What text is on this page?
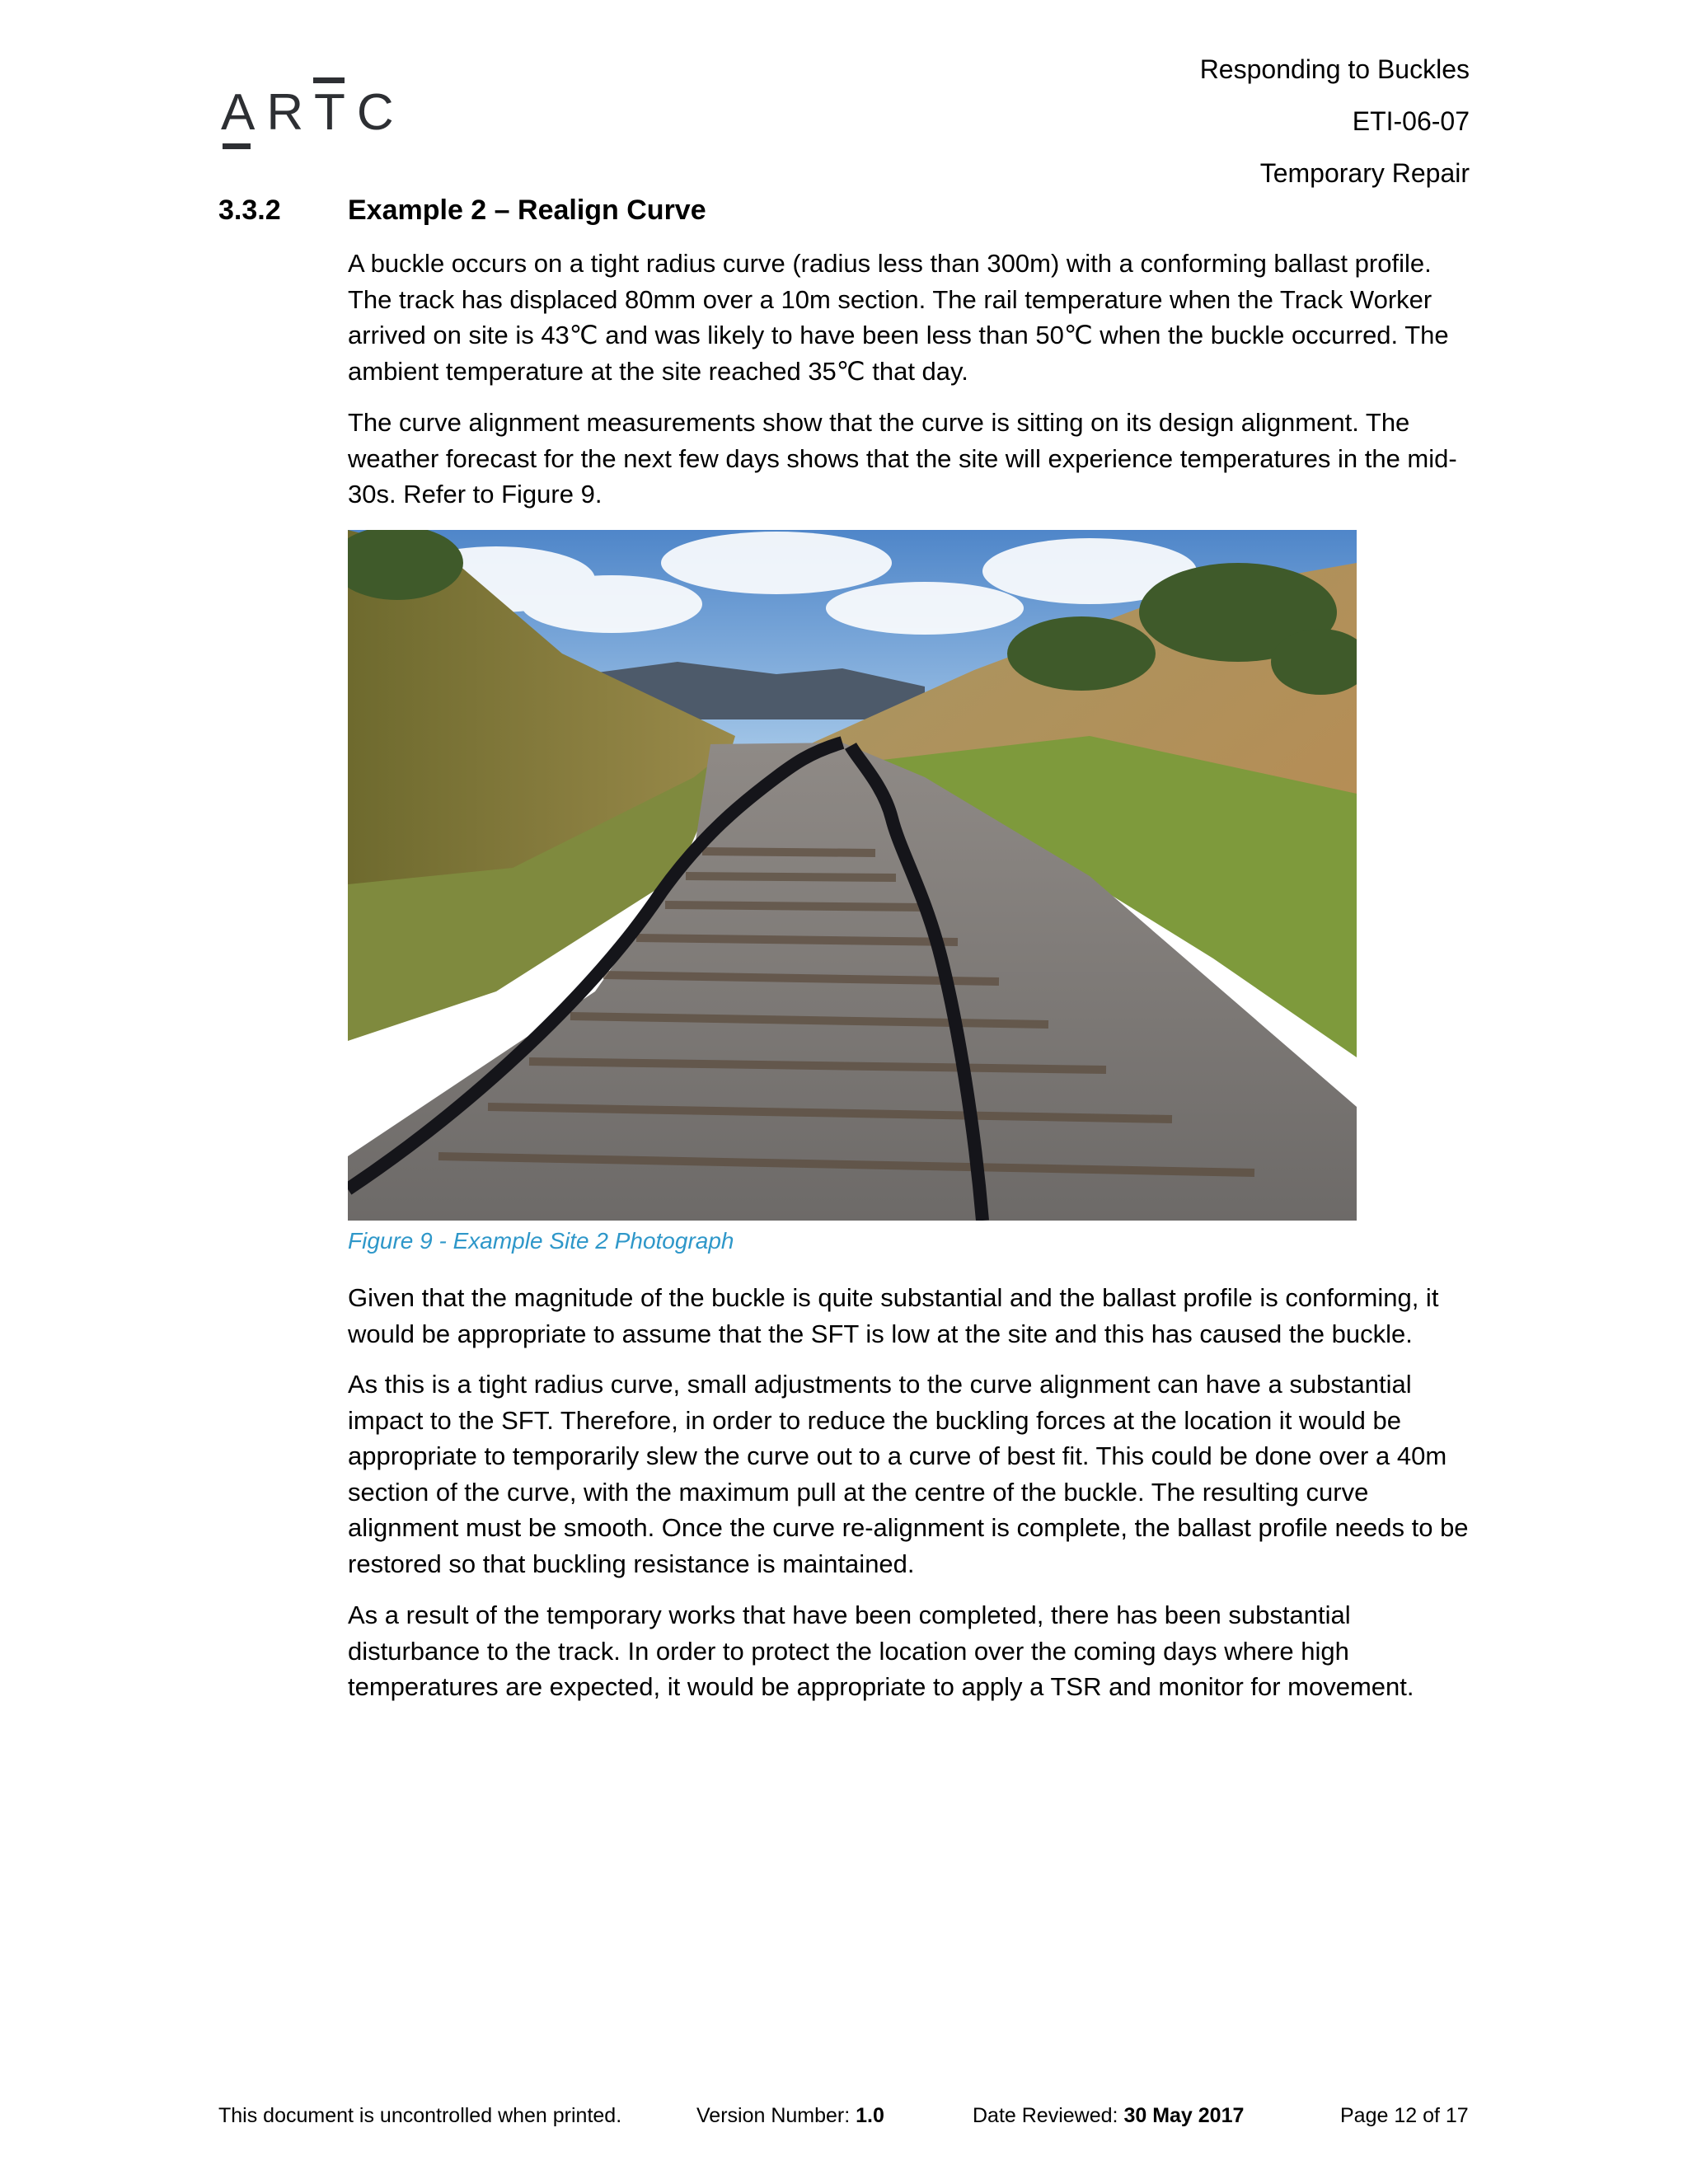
ARTC
Responding to Buckles
ETI-06-07
Temporary Repair
3.3.2 Example 2 – Realign Curve

A buckle occurs on a tight radius curve (radius less than 300m) with a conforming ballast profile. The track has displaced 80mm over a 10m section. The rail temperature when the Track Worker arrived on site is 43℃ and was likely to have been less than 50℃ when the buckle occurred. The ambient temperature at the site reached 35℃ that day.

The curve alignment measurements show that the curve is sitting on its design alignment. The weather forecast for the next few days shows that the site will experience temperatures in the mid-30s. Refer to Figure 9.

Figure 9 - Example Site 2 Photograph

Given that the magnitude of the buckle is quite substantial and the ballast profile is conforming, it would be appropriate to assume that the SFT is low at the site and this has caused the buckle.

As this is a tight radius curve, small adjustments to the curve alignment can have a substantial impact to the SFT. Therefore, in order to reduce the buckling forces at the location it would be appropriate to temporarily slew the curve out to a curve of best fit. This could be done over a 40m section of the curve, with the maximum pull at the centre of the buckle. The resulting curve alignment must be smooth. Once the curve re-alignment is complete, the ballast profile needs to be restored so that buckling resistance is maintained.

As a result of the temporary works that have been completed, there has been substantial disturbance to the track. In order to protect the location over the coming days where high temperatures are expected, it would be appropriate to apply a TSR and monitor for movement.

This document is uncontrolled when printed.	Version Number: 1.0	Date Reviewed: 30 May 2017	Page 12 of 17
